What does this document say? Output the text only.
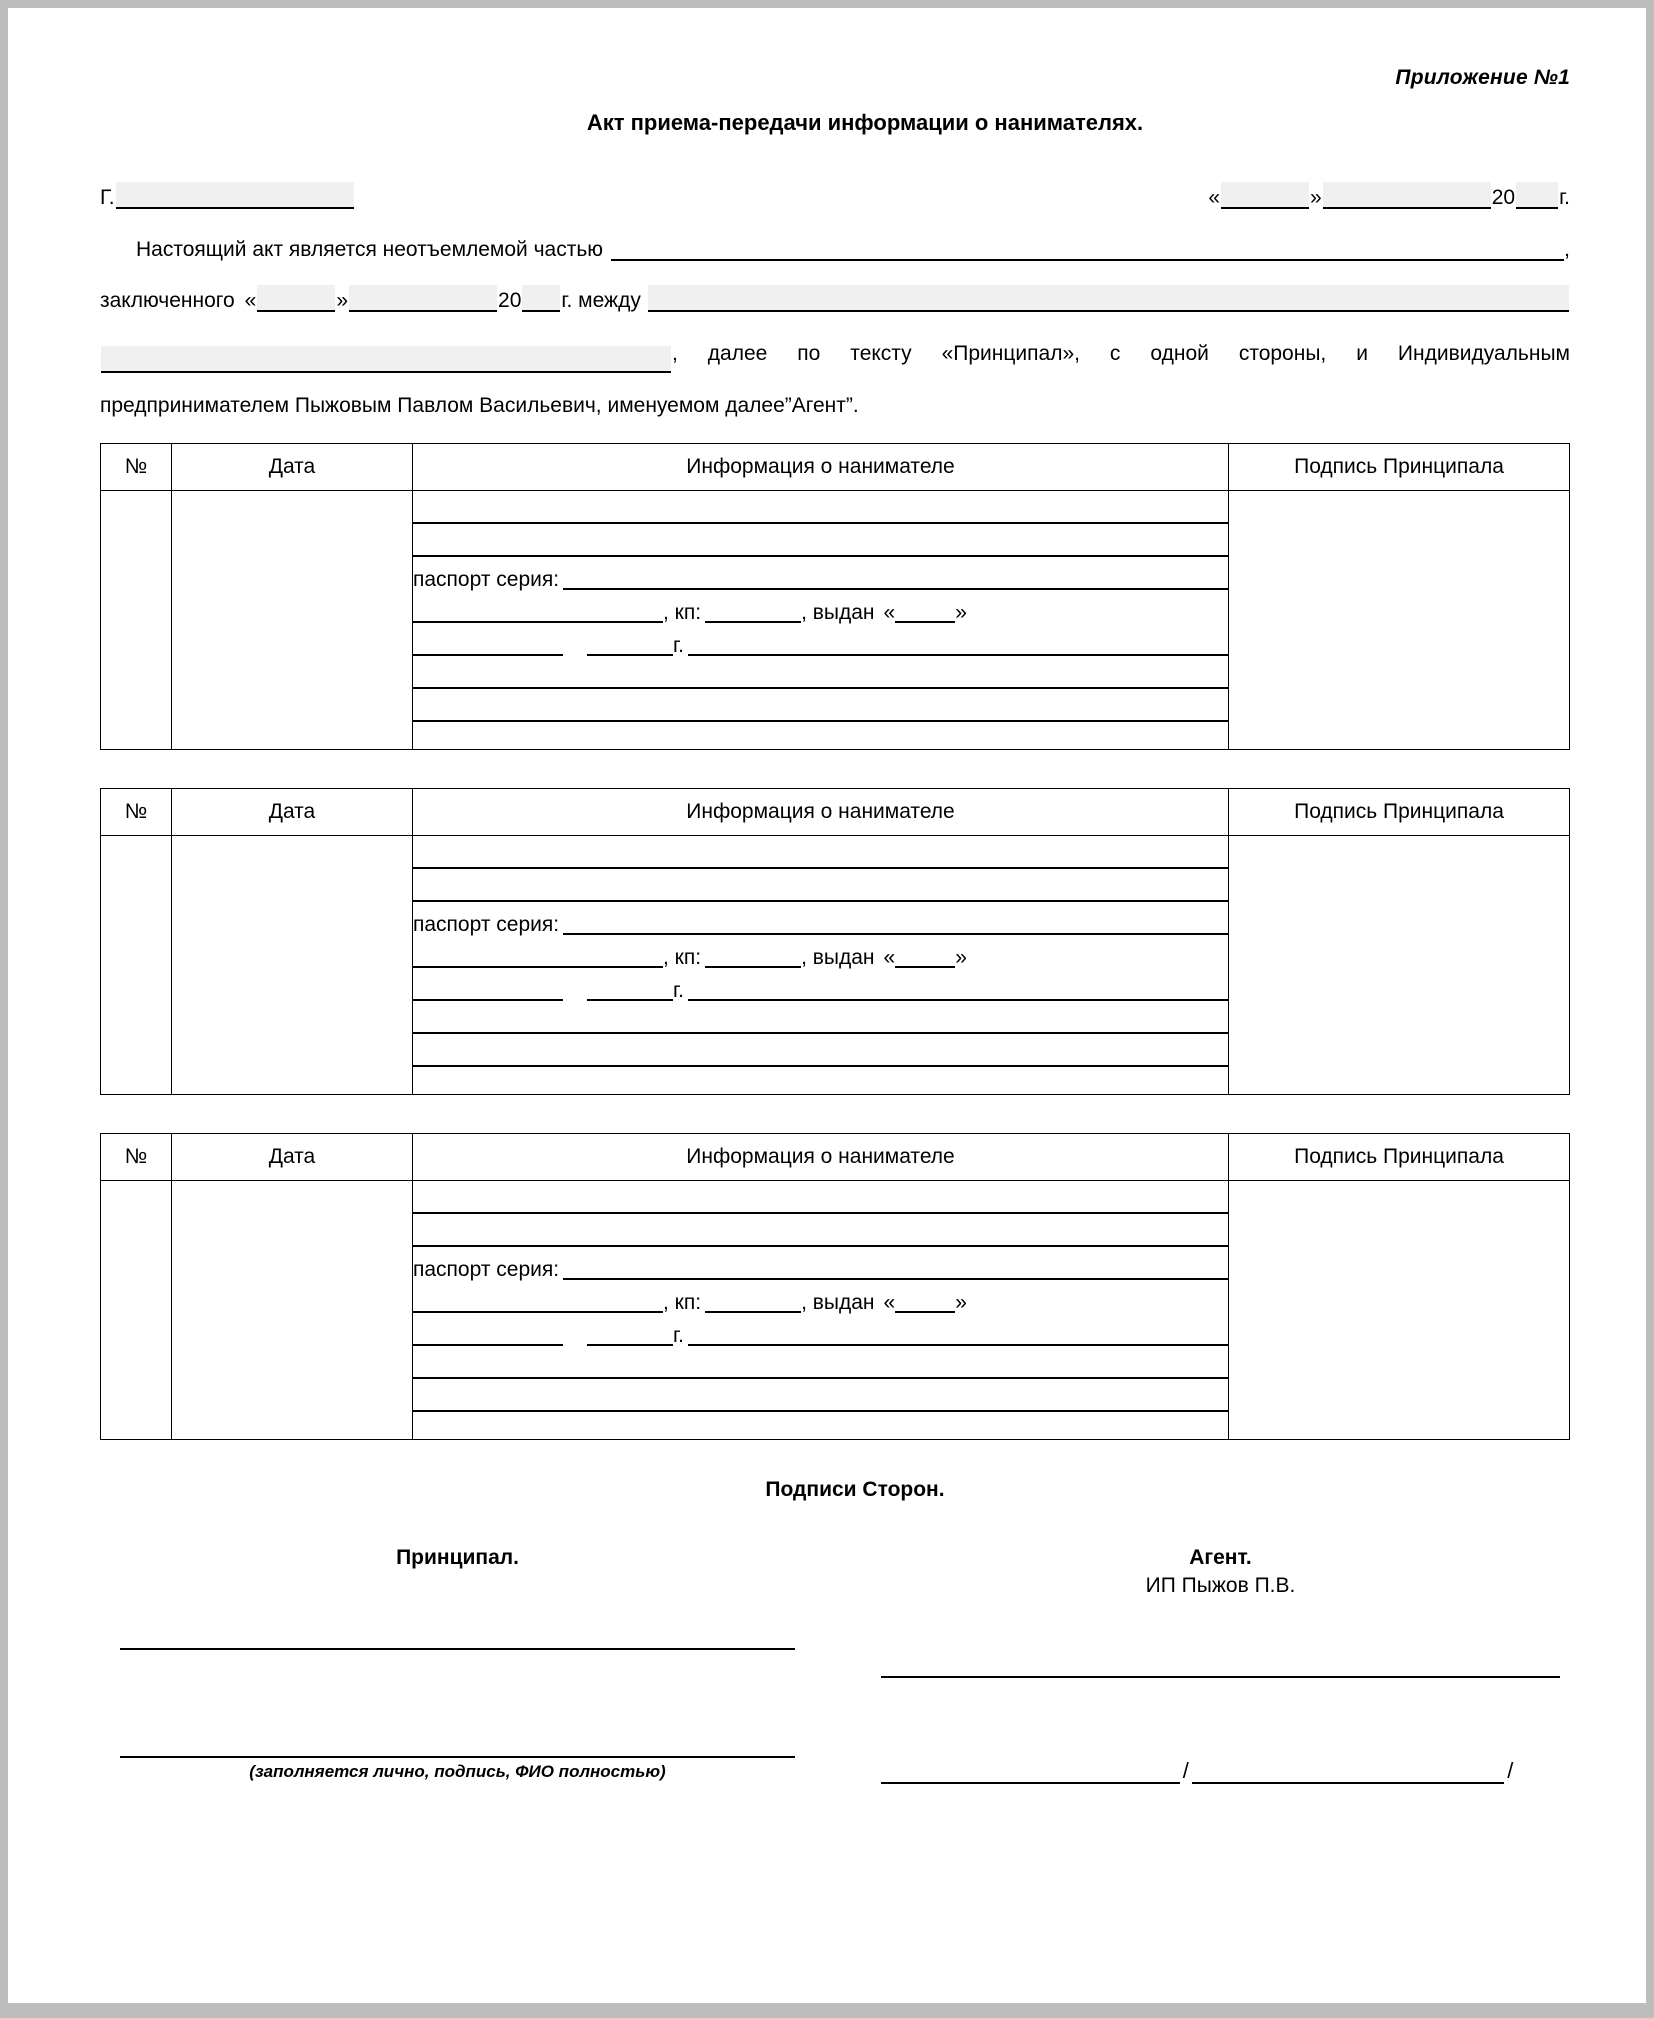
Приложение №1
Акт приема-передачи информации о нанимателях.
Г.	«	»	20 г.
Настоящий акт является неотъемлемой частью	,
заключенного «	»	20 г. между
, далее по тексту «Принципал», с одной стороны, и Индивидуальным
предпринимателем Пыжовым Павлом Васильевич, именуемом далее”Агент”.
№	Дата	Информация о нанимателе	Подпись Принципала

паспорт серия:
, кп:	, выдан «	»
г.

№	Дата	Информация о нанимателе	Подпись Принципала

паспорт серия:
, кп:	, выдан «	»
г.

№	Дата	Информация о нанимателе	Подпись Принципала

паспорт серия:
, кп:	, выдан «	»
г.

Подписи Сторон.
Принципал.
(заполняется лично, подпись, ФИО полностью)
Агент.
ИП Пыжов П.В.
/	/
